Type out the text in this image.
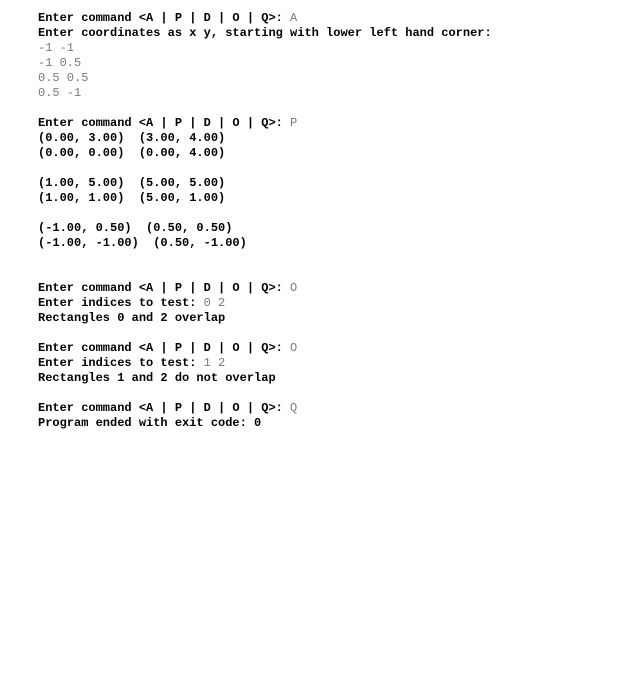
Enter command <A | P | D | O | Q>: A
Enter coordinates as x y, starting with lower left hand corner:
-1 -1
-1 0.5
0.5 0.5
0.5 -1
Enter command <A | P | D | O | Q>: P
(0.00, 3.00)  (3.00, 4.00)
(0.00, 0.00)  (0.00, 4.00)
(1.00, 5.00)  (5.00, 5.00)
(1.00, 1.00)  (5.00, 1.00)
(-1.00, 0.50)  (0.50, 0.50)
(-1.00, -1.00)  (0.50, -1.00)
Enter command <A | P | D | O | Q>: O
Enter indices to test: 0 2
Rectangles 0 and 2 overlap
Enter command <A | P | D | O | Q>: O
Enter indices to test: 1 2
Rectangles 1 and 2 do not overlap
Enter command <A | P | D | O | Q>: Q
Program ended with exit code: 0
